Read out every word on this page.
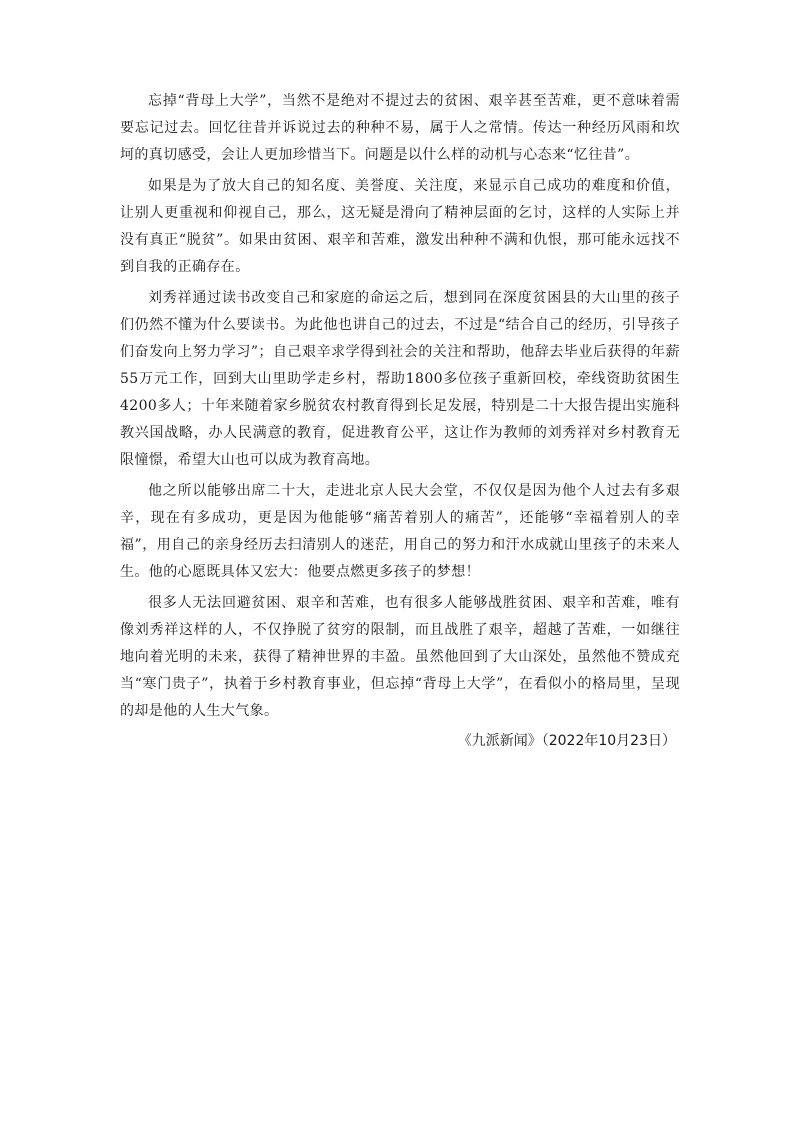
忘掉“背母上大学”，当然不是绝对不提过去的贫困、艰辛甚至苦难，更不意味着需要忘记过去。回忆往昔并诉说过去的种种不易，属于人之常情。传达一种经历风雨和坎坷的真切感受，会让人更加珍惜当下。问题是以什么样的动机与心态来“忆往昔”。

如果是为了放大自己的知名度、美誉度、关注度，来显示自己成功的难度和价值，让别人更重视和仰视自己，那么，这无疑是滑向了精神层面的乞讨，这样的人实际上并没有真正“脱贫”。如果由贫困、艰辛和苦难，激发出种种不满和仇恨，那可能永远找不到自我的正确存在。

刘秀祥通过读书改变自己和家庭的命运之后，想到同在深度贫困县的大山里的孩子们仍然不懂为什么要读书。为此他也讲自己的过去，不过是“结合自己的经历，引导孩子们奋发向上努力学习”；自己艰辛求学得到社会的关注和帮助，他辞去毕业后获得的年薪55万元工作，回到大山里助学走乡村，帮助1800多位孩子重新回校，牵线资助贫困生4200多人；十年来随着家乡脱贫农村教育得到长足发展，特别是二十大报告提出实施科教兴国战略，办人民满意的教育，促进教育公平，这让作为教师的刘秀祥对乡村教育无限憧憬，希望大山也可以成为教育高地。

他之所以能够出席二十大，走进北京人民大会堂，不仅仅是因为他个人过去有多艰辛，现在有多成功，更是因为他能够“痛苦着别人的痛苦”，还能够“幸福着别人的幸福”，用自己的亲身经历去扫清别人的迷茫，用自己的努力和汗水成就山里孩子的未来人生。他的心愿既具体又宏大：他要点燃更多孩子的梦想！

很多人无法回避贫困、艰辛和苦难，也有很多人能够战胜贫困、艰辛和苦难，唯有像刘秀祥这样的人，不仅挣脱了贫穷的限制，而且战胜了艰辛，超越了苦难，一如继往地向着光明的未来，获得了精神世界的丰盈。虽然他回到了大山深处，虽然他不赞成充当“寒门贵子”，执着于乡村教育事业，但忘掉“背母上大学”，在看似小的格局里，呈现的却是他的人生大气象。

《九派新闻》（2022年10月23日）
